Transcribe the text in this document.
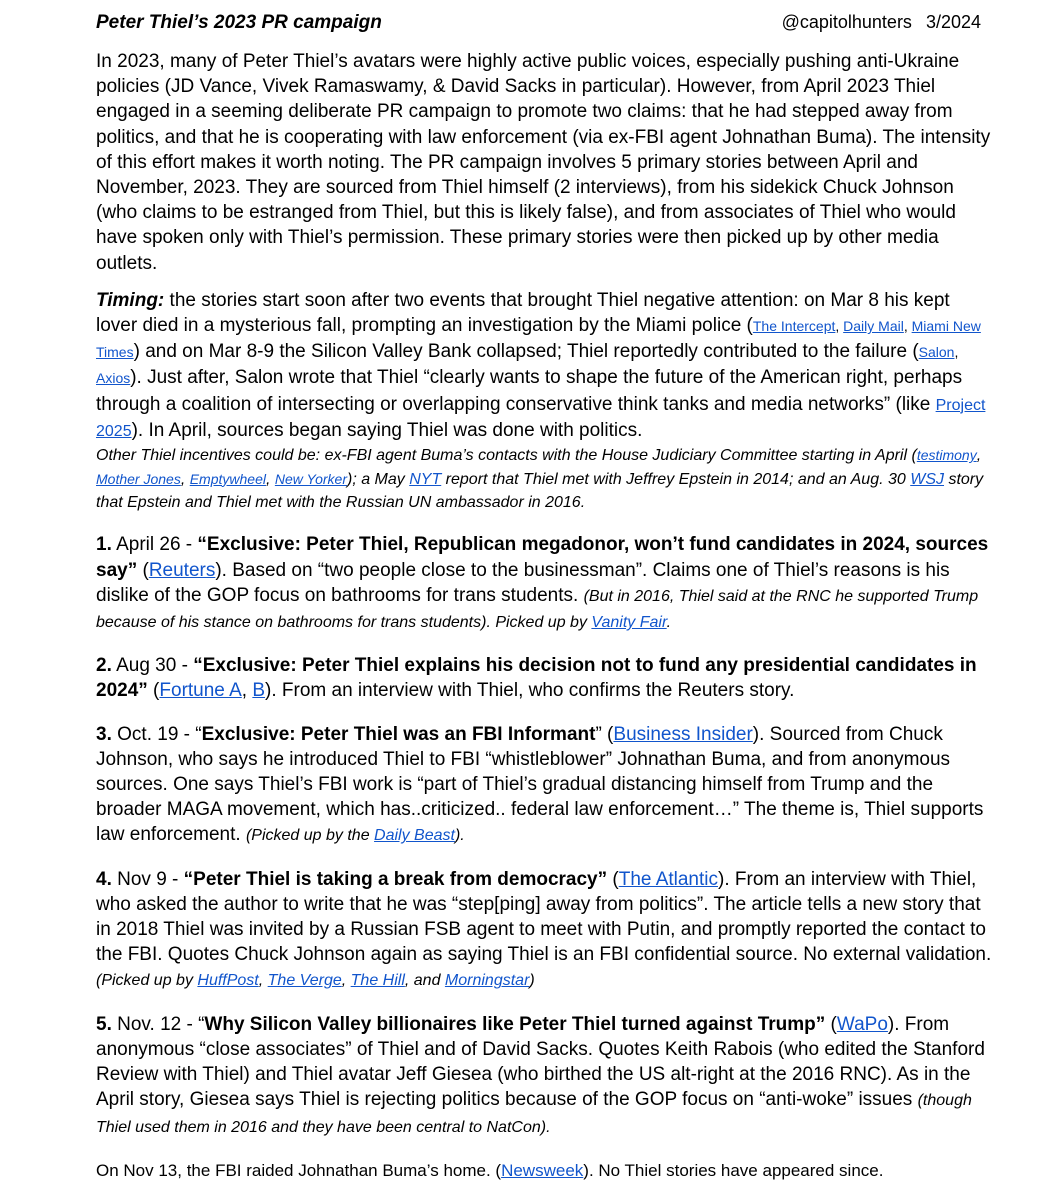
Peter Thiel’s 2023 PR campaign	@capitolhunters 3/2024

In 2023, many of Peter Thiel’s avatars were highly active public voices, especially pushing anti-Ukraine policies (JD Vance, Vivek Ramaswamy, & David Sacks in particular). However, from April 2023 Thiel engaged in a seeming deliberate PR campaign to promote two claims: that he had stepped away from politics, and that he is cooperating with law enforcement (via ex-FBI agent Johnathan Buma). The intensity of this effort makes it worth noting. The PR campaign involves 5 primary stories between April and November, 2023. They are sourced from Thiel himself (2 interviews), from his sidekick Chuck Johnson (who claims to be estranged from Thiel, but this is likely false), and from associates of Thiel who would have spoken only with Thiel’s permission. These primary stories were then picked up by other media outlets.

Timing: the stories start soon after two events that brought Thiel negative attention: on Mar 8 his kept lover died in a mysterious fall, prompting an investigation by the Miami police (The Intercept, Daily Mail, Miami New Times) and on Mar 8-9 the Silicon Valley Bank collapsed; Thiel reportedly contributed to the failure (Salon, Axios). Just after, Salon wrote that Thiel “clearly wants to shape the future of the American right, perhaps through a coalition of intersecting or overlapping conservative think tanks and media networks” (like Project 2025). In April, sources began saying Thiel was done with politics.

Other Thiel incentives could be: ex-FBI agent Buma’s contacts with the House Judiciary Committee starting in April (testimony, Mother Jones, Emptywheel, New Yorker); a May NYT report that Thiel met with Jeffrey Epstein in 2014; and an Aug. 30 WSJ story that Epstein and Thiel met with the Russian UN ambassador in 2016.

1. April 26 - “Exclusive: Peter Thiel, Republican megadonor, won’t fund candidates in 2024, sources say” (Reuters). Based on “two people close to the businessman”. Claims one of Thiel’s reasons is his dislike of the GOP focus on bathrooms for trans students. (But in 2016, Thiel said at the RNC he supported Trump because of his stance on bathrooms for trans students). Picked up by Vanity Fair.

2. Aug 30 - “Exclusive: Peter Thiel explains his decision not to fund any presidential candidates in 2024” (Fortune A, B). From an interview with Thiel, who confirms the Reuters story.

3. Oct. 19 - “Exclusive: Peter Thiel was an FBI Informant” (Business Insider). Sourced from Chuck Johnson, who says he introduced Thiel to FBI “whistleblower” Johnathan Buma, and from anonymous sources. One says Thiel’s FBI work is “part of Thiel’s gradual distancing himself from Trump and the broader MAGA movement, which has..criticized.. federal law enforcement…” The theme is, Thiel supports law enforcement. (Picked up by the Daily Beast).

4. Nov 9 - “Peter Thiel is taking a break from democracy” (The Atlantic). From an interview with Thiel, who asked the author to write that he was “step[ping] away from politics”. The article tells a new story that in 2018 Thiel was invited by a Russian FSB agent to meet with Putin, and promptly reported the contact to the FBI. Quotes Chuck Johnson again as saying Thiel is an FBI confidential source. No external validation. (Picked up by HuffPost, The Verge, The Hill, and Morningstar)

5. Nov. 12 - “Why Silicon Valley billionaires like Peter Thiel turned against Trump” (WaPo). From anonymous “close associates” of Thiel and of David Sacks. Quotes Keith Rabois (who edited the Stanford Review with Thiel) and Thiel avatar Jeff Giesea (who birthed the US alt-right at the 2016 RNC). As in the April story, Giesea says Thiel is rejecting politics because of the GOP focus on “anti-woke” issues (though Thiel used them in 2016 and they have been central to NatCon).

On Nov 13, the FBI raided Johnathan Buma’s home. (Newsweek). No Thiel stories have appeared since.
